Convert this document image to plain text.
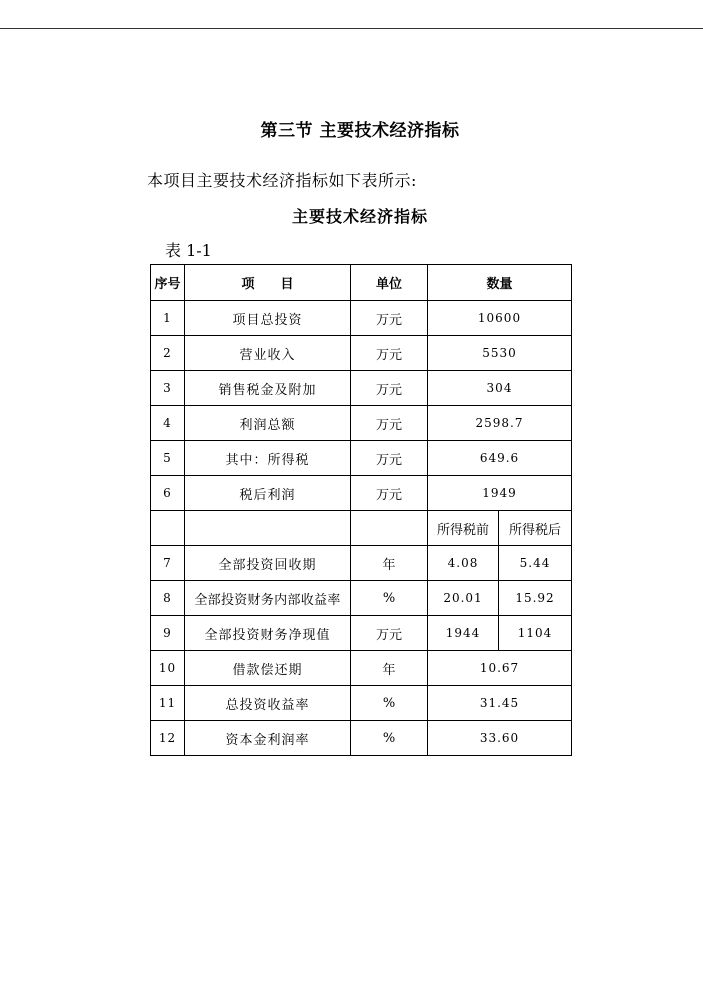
第三节 主要技术经济指标
本项目主要技术经济指标如下表所示:
主要技术经济指标
表 1-1
序号	项　　目	单位	数量	
1	项目总投资	万元	10600	
2	营业收入	万元	5530	
3	销售税金及附加	万元	304	
4	利润总额	万元	2598.7	
5	其中：所得税	万元	649.6	
6	税后利润	万元	1949	
			所得税前	所得税后
7	全部投资回收期	年	4.08	5.44
8	全部投资财务内部收益率	%	20.01	15.92
9	全部投资财务净现值	万元	1944	1104
10	借款偿还期	年	10.67	
11	总投资收益率	%	31.45	
12	资本金利润率	%	33.60	
